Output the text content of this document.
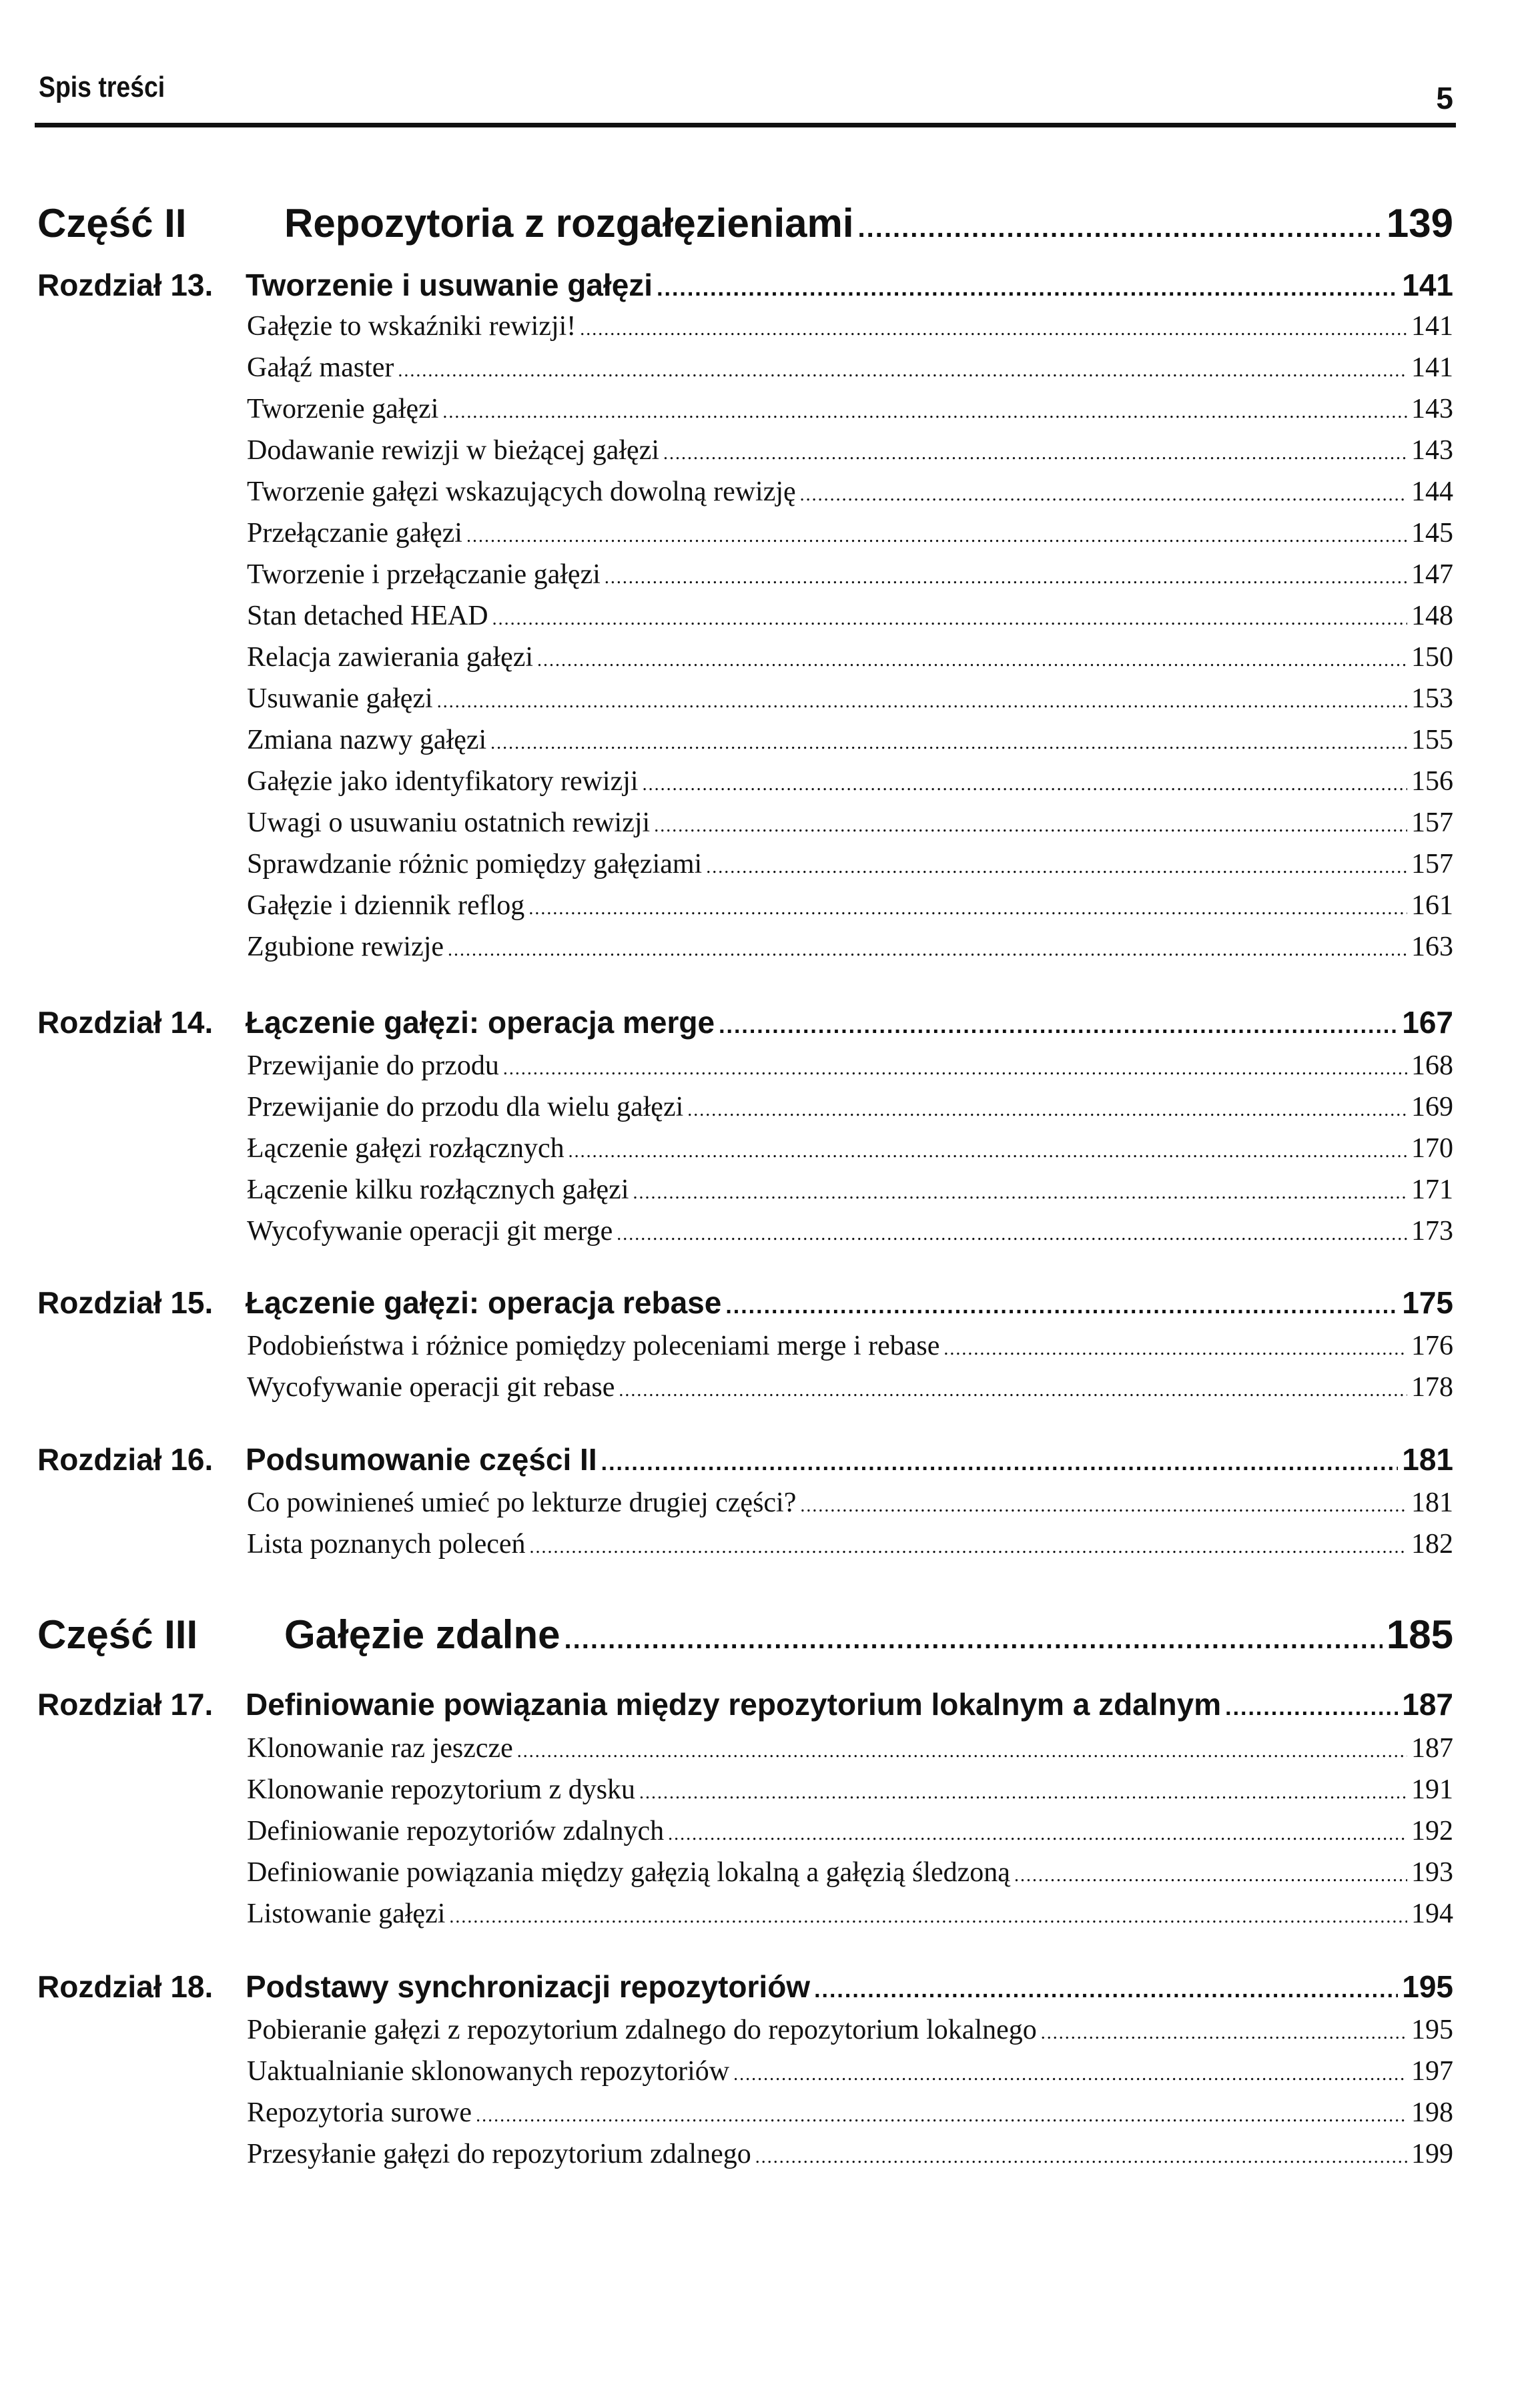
Spis treści	5
Część II	Repozytoria z rozgałęzieniami .....	139
Rozdział 13.	Tworzenie i usuwanie gałęzi .....	141
Gałęzie to wskaźniki rewizji! .....	141
Gałąź master .....	141
Tworzenie gałęzi .....	143
Dodawanie rewizji w bieżącej gałęzi .....	143
Tworzenie gałęzi wskazujących dowolną rewizję .....	144
Przełączanie gałęzi .....	145
Tworzenie i przełączanie gałęzi .....	147
Stan detached HEAD .....	148
Relacja zawierania gałęzi .....	150
Usuwanie gałęzi .....	153
Zmiana nazwy gałęzi .....	155
Gałęzie jako identyfikatory rewizji .....	156
Uwagi o usuwaniu ostatnich rewizji .....	157
Sprawdzanie różnic pomiędzy gałęziami .....	157
Gałęzie i dziennik reflog .....	161
Zgubione rewizje .....	163
Rozdział 14.	Łączenie gałęzi: operacja merge .....	167
Przewijanie do przodu .....	168
Przewijanie do przodu dla wielu gałęzi .....	169
Łączenie gałęzi rozłącznych .....	170
Łączenie kilku rozłącznych gałęzi .....	171
Wycofywanie operacji git merge .....	173
Rozdział 15.	Łączenie gałęzi: operacja rebase .....	175
Podobieństwa i różnice pomiędzy poleceniami merge i rebase .....	176
Wycofywanie operacji git rebase .....	178
Rozdział 16.	Podsumowanie części II .....	181
Co powinieneś umieć po lekturze drugiej części? .....	181
Lista poznanych poleceń .....	182
Część III	Gałęzie zdalne .....	185
Rozdział 17.	Definiowanie powiązania między repozytorium lokalnym a zdalnym .....	187
Klonowanie raz jeszcze .....	187
Klonowanie repozytorium z dysku .....	191
Definiowanie repozytoriów zdalnych .....	192
Definiowanie powiązania między gałęzią lokalną a gałęzią śledzoną .....	193
Listowanie gałęzi .....	194
Rozdział 18.	Podstawy synchronizacji repozytoriów .....	195
Pobieranie gałęzi z repozytorium zdalnego do repozytorium lokalnego .....	195
Uaktualnianie sklonowanych repozytoriów .....	197
Repozytoria surowe .....	198
Przesyłanie gałęzi do repozytorium zdalnego .....	199
